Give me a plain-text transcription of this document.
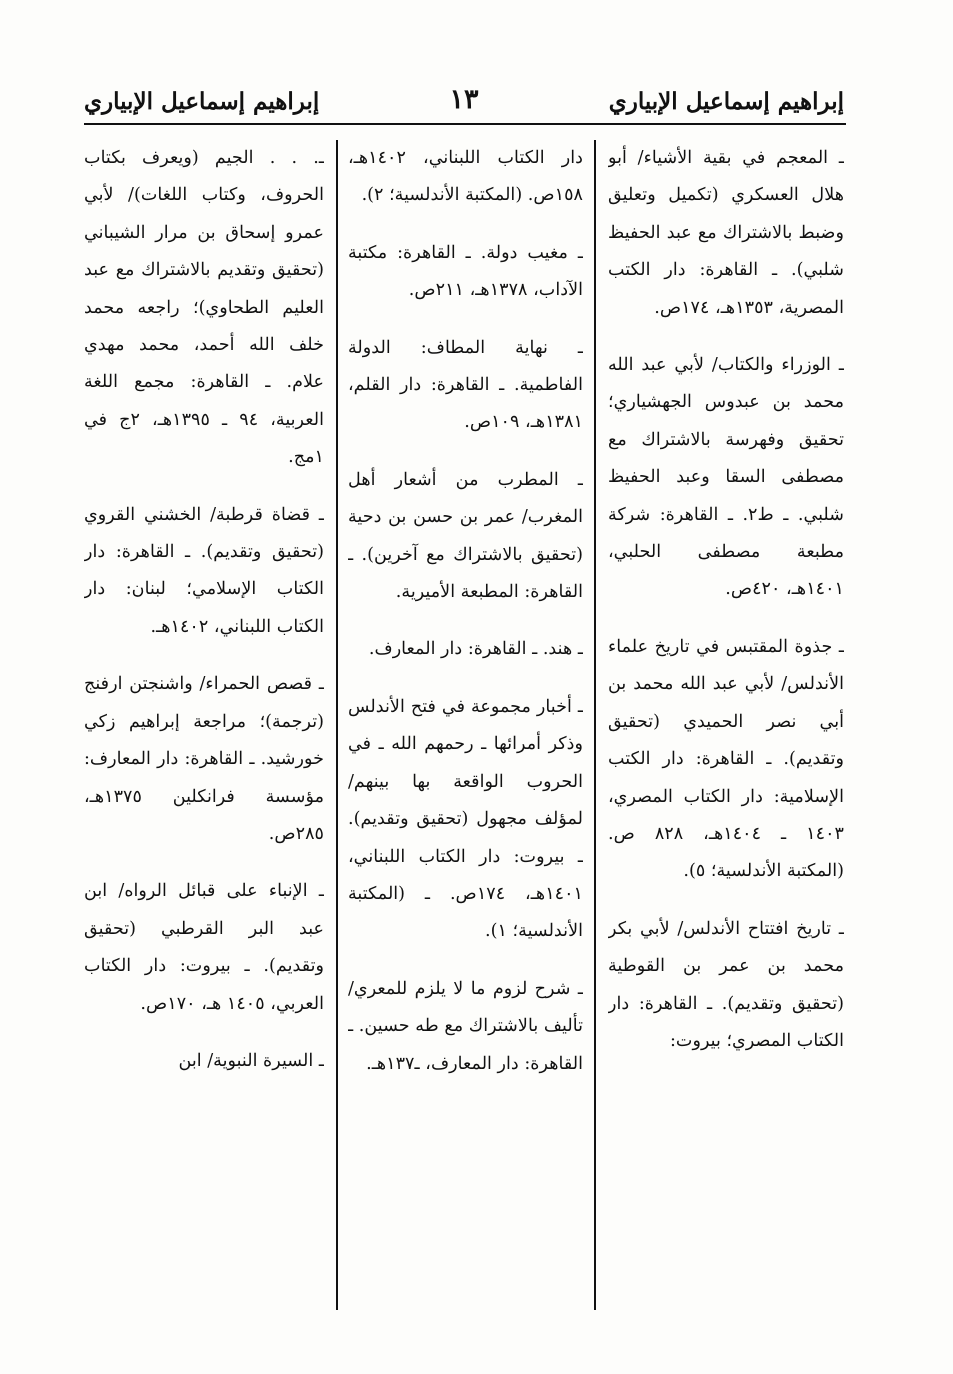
إبراهيم إسماعيل الإبياري
١٣
إبراهيم إسماعيل الإبياري

ـ المعجم في بقية الأشياء/ أبو هلال العسكري (تكميل وتعليق وضبط بالاشتراك مع عبد الحفيظ شلبي). ـ القاهرة: دار الكتب المصرية، ١٣٥٣هـ، ١٧٤ص.

ـ الوزراء والكتاب/ لأبي عبد الله محمد بن عبدوس الجهشياري؛ تحقيق وفهرسة بالاشتراك مع مصطفى السقا وعبد الحفيظ شلبي. ـ ط٢. ـ القاهرة: شركة مطبعة مصطفى الحلبي، ١٤٠١هـ، ٤٢٠ص.

ـ جذوة المقتبس في تاريخ علماء الأندلس/ لأبي عبد الله محمد بن أبي نصر الحميدي (تحقيق وتقديم). ـ القاهرة: دار الكتب الإسلامية: دار الكتاب المصري، ١٤٠٣ ـ ١٤٠٤هـ، ٨٢٨ ص. (المكتبة الأندلسية؛ ٥).

ـ تاريخ افتتاح الأندلس/ لأبي بكر محمد بن عمر بن القوطية (تحقيق وتقديم). ـ القاهرة: دار الكتاب المصري؛ بيروت:

دار الكتاب اللبناني، ١٤٠٢هـ، ١٥٨ص. (المكتبة الأندلسية؛ ٢).

ـ مغيب دولة. ـ القاهرة: مكتبة الآداب، ١٣٧٨هـ، ٢١١ص.

ـ نهاية المطاف: الدولة الفاطمية. ـ القاهرة: دار القلم، ١٣٨١هـ، ١٠٩ص.

ـ المطرب من أشعار أهل المغرب/ عمر بن حسن بن دحية (تحقيق بالاشتراك مع آخرين). ـ القاهرة: المطبعة الأميرية.

ـ هند. ـ القاهرة: دار المعارف.

ـ أخبار مجموعة في فتح الأندلس وذكر أمرائها ـ رحمهم الله ـ في الحروب الواقعة بها بينهم/ لمؤلف مجهول (تحقيق وتقديم). ـ بيروت: دار الكتاب اللبناني، ١٤٠١هـ، ١٧٤ص. ـ (المكتبة الأندلسية؛ ١).

ـ شرح لزوم ما لا يلزم للمعري/ تأليف بالاشتراك مع طه حسين. ـ القاهرة: دار المعارف، ـ١٣٧هـ.

ـ. . . الجيم (ويعرف بكتاب الحروف، وكتاب اللغات)/ لأبي عمرو إسحاق بن مرار الشيباني (تحقيق وتقديم بالاشتراك مع عبد العليم الطحاوي)؛ راجعه محمد خلف الله أحمد، محمد مهدي علام. ـ القاهرة: مجمع اللغة العربية، ٩٤ ـ ١٣٩٥هـ، ٢ج في ١مج.

ـ قضاة قرطبة/ الخشني القروي (تحقيق وتقديم). ـ القاهرة: دار الكتاب الإسلامي؛ لبنان: دار الكتاب اللبناني، ١٤٠٢هـ.

ـ قصص الحمراء/ واشنجتن ارفنج (ترجمة)؛ مراجعة إبراهيم زكي خورشيد. ـ القاهرة: دار المعارف: مؤسسة فرانكلين ١٣٧٥هـ، ٢٨٥ص.

ـ الإنباء على قبائل الرواه/ ابن عبد البر القرطبي (تحقيق وتقديم). ـ بيروت: دار الكتاب العربي، ١٤٠٥ هـ، ١٧٠ص.

ـ السيرة النبوية/ ابن
